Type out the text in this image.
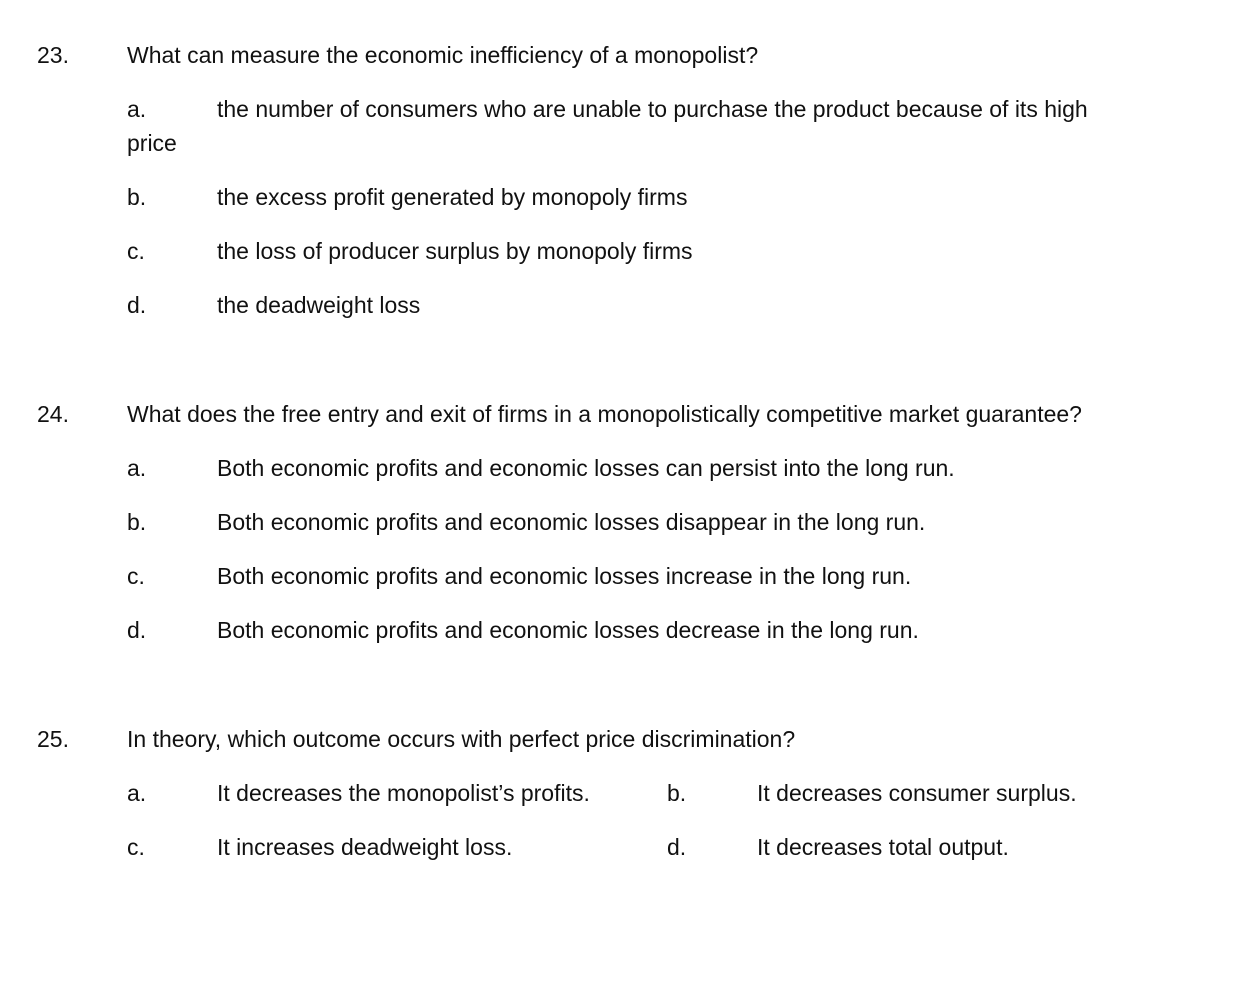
23.	What can measure the economic inefficiency of a monopolist?
a.	the number of consumers who are unable to purchase the product because of its high
price
b.	the excess profit generated by monopoly firms
c.	the loss of producer surplus by monopoly firms
d.	the deadweight loss
24.	What does the free entry and exit of firms in a monopolistically competitive market guarantee?
a.	Both economic profits and economic losses can persist into the long run.
b.	Both economic profits and economic losses disappear in the long run.
c.	Both economic profits and economic losses increase in the long run.
d.	Both economic profits and economic losses decrease in the long run.
25.	In theory, which outcome occurs with perfect price discrimination?
a.	It decreases the monopolist’s profits.	b.	It decreases consumer surplus.
c.	It increases deadweight loss.	d.	It decreases total output.
